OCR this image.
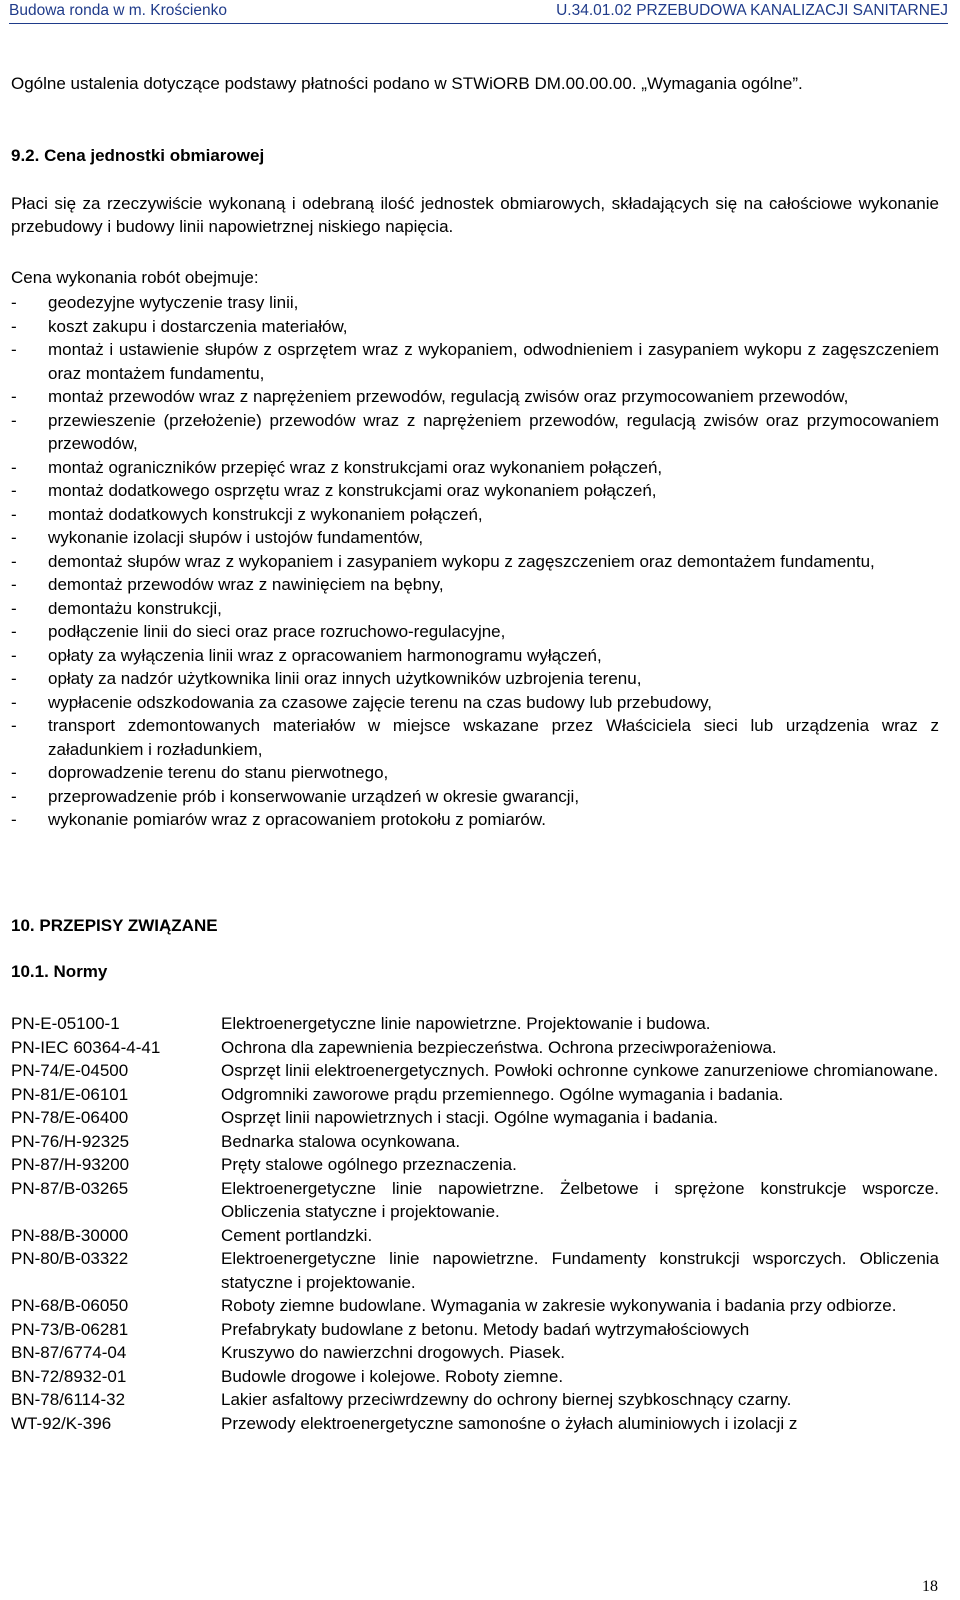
Budowa ronda w m. Krościenko	U.34.01.02 PRZEBUDOWA KANALIZACJI SANITARNEJ
Ogólne ustalenia dotyczące podstawy płatności podano w STWiORB DM.00.00.00. „Wymagania ogólne”.
9.2. Cena jednostki obmiarowej
Płaci się za rzeczywiście wykonaną i odebraną ilość jednostek obmiarowych, składających się na całościowe wykonanie przebudowy i budowy linii napowietrznej niskiego napięcia.
Cena wykonania robót obejmuje:
- geodezyjne wytyczenie trasy linii,
- koszt zakupu i dostarczenia materiałów,
- montaż i ustawienie słupów z osprzętem wraz z wykopaniem, odwodnieniem i zasypaniem wykopu z zagęszczeniem oraz montażem fundamentu,
- montaż przewodów wraz z naprężeniem przewodów, regulacją zwisów oraz przymocowaniem przewodów,
- przewieszenie (przełożenie) przewodów wraz z naprężeniem przewodów, regulacją zwisów oraz przymocowaniem przewodów,
- montaż ograniczników przepięć wraz z konstrukcjami oraz wykonaniem połączeń,
- montaż dodatkowego osprzętu wraz z konstrukcjami oraz wykonaniem połączeń,
- montaż dodatkowych konstrukcji z wykonaniem połączeń,
- wykonanie izolacji słupów i ustojów fundamentów,
- demontaż słupów wraz z wykopaniem i zasypaniem wykopu z zagęszczeniem oraz demontażem fundamentu,
- demontaż przewodów wraz z nawinięciem na bębny,
- demontażu konstrukcji,
- podłączenie linii do sieci oraz prace rozruchowo-regulacyjne,
- opłaty za wyłączenia linii wraz z opracowaniem harmonogramu wyłączeń,
- opłaty za nadzór użytkownika linii oraz innych użytkowników uzbrojenia terenu,
- wypłacenie odszkodowania za czasowe zajęcie terenu na czas budowy lub przebudowy,
- transport zdemontowanych materiałów w miejsce wskazane przez Właściciela sieci lub urządzenia wraz z załadunkiem i rozładunkiem,
- doprowadzenie terenu do stanu pierwotnego,
- przeprowadzenie prób i konserwowanie urządzeń w okresie gwarancji,
- wykonanie pomiarów wraz z opracowaniem protokołu z pomiarów.
10. PRZEPISY ZWIĄZANE
10.1. Normy
PN-E-05100-1	Elektroenergetyczne linie napowietrzne. Projektowanie i budowa.
PN-IEC 60364-4-41	Ochrona dla zapewnienia bezpieczeństwa. Ochrona przeciwporażeniowa.
PN-74/E-04500	Osprzęt linii elektroenergetycznych. Powłoki ochronne cynkowe zanurzeniowe chromianowane.
PN-81/E-06101	Odgromniki zaworowe prądu przemiennego. Ogólne wymagania i badania.
PN-78/E-06400	Osprzęt linii napowietrznych i stacji. Ogólne wymagania i badania.
PN-76/H-92325	Bednarka stalowa ocynkowana.
PN-87/H-93200	Pręty stalowe ogólnego przeznaczenia.
PN-87/B-03265	Elektroenergetyczne linie napowietrzne. Żelbetowe i sprężone konstrukcje wsporcze. Obliczenia statyczne i projektowanie.
PN-88/B-30000	Cement portlandzki.
PN-80/B-03322	Elektroenergetyczne linie napowietrzne. Fundamenty konstrukcji wsporczych. Obliczenia statyczne i projektowanie.
PN-68/B-06050	Roboty ziemne budowlane. Wymagania w zakresie wykonywania i badania przy odbiorze.
PN-73/B-06281	Prefabrykaty budowlane z betonu. Metody badań wytrzymałościowych
BN-87/6774-04	Kruszywo do nawierzchni drogowych. Piasek.
BN-72/8932-01	Budowle drogowe i kolejowe. Roboty ziemne.
BN-78/6114-32	Lakier asfaltowy przeciwrdzewny do ochrony biernej szybkoschnący czarny.
WT-92/K-396	Przewody elektroenergetyczne samonośne o żyłach aluminiowych i izolacji z
18
